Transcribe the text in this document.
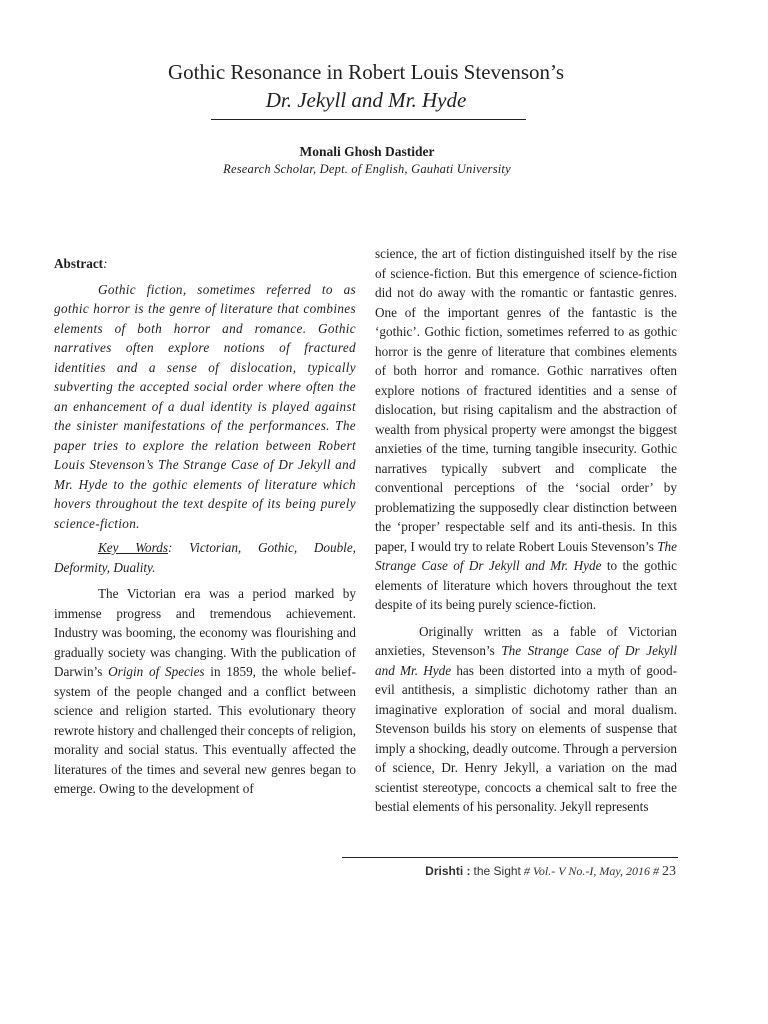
Gothic Resonance in Robert Louis Stevenson’s
Dr. Jekyll and Mr. Hyde
Monali Ghosh Dastider
Research Scholar, Dept. of English, Gauhati University

Abstract:

Gothic fiction, sometimes referred to as gothic horror is the genre of literature that combines elements of both horror and romance. Gothic narratives often explore notions of fractured identities and a sense of dislocation, typically subverting the accepted social order where often the an enhancement of a dual identity is played against the sinister manifestations of the performances. The paper tries to explore the relation between Robert Louis Stevenson’s The Strange Case of Dr Jekyll and Mr. Hyde to the gothic elements of literature which hovers throughout the text despite of its being purely science-fiction.

Key Words: Victorian, Gothic, Double, Deformity, Duality.

The Victorian era was a period marked by immense progress and tremendous achievement. Industry was booming, the economy was flourishing and gradually society was changing. With the publication of Darwin’s Origin of Species in 1859, the whole belief-system of the people changed and a conflict between science and religion started. This evolutionary theory rewrote history and challenged their concepts of religion, morality and social status. This eventually affected the literatures of the times and several new genres began to emerge. Owing to the development of

science, the art of fiction distinguished itself by the rise of science-fiction. But this emergence of science-fiction did not do away with the romantic or fantastic genres. One of the important genres of the fantastic is the ‘gothic’. Gothic fiction, sometimes referred to as gothic horror is the genre of literature that combines elements of both horror and romance. Gothic narratives often explore notions of fractured identities and a sense of dislocation, but rising capitalism and the abstraction of wealth from physical property were amongst the biggest anxieties of the time, turning tangible insecurity. Gothic narratives typically subvert and complicate the conventional perceptions of the ‘social order’ by problematizing the supposedly clear distinction between the ‘proper’ respectable self and its anti-thesis. In this paper, I would try to relate Robert Louis Stevenson’s The Strange Case of Dr Jekyll and Mr. Hyde to the gothic elements of literature which hovers throughout the text despite of its being purely science-fiction.

Originally written as a fable of Victorian anxieties, Stevenson’s The Strange Case of Dr Jekyll and Mr. Hyde has been distorted into a myth of good-evil antithesis, a simplistic dichotomy rather than an imaginative exploration of social and moral dualism. Stevenson builds his story on elements of suspense that imply a shocking, deadly outcome. Through a perversion of science, Dr. Henry Jekyll, a variation on the mad scientist stereotype, concocts a chemical salt to free the bestial elements of his personality. Jekyll represents

Drishti : the Sight # Vol.- V No.-I, May, 2016 # 23
